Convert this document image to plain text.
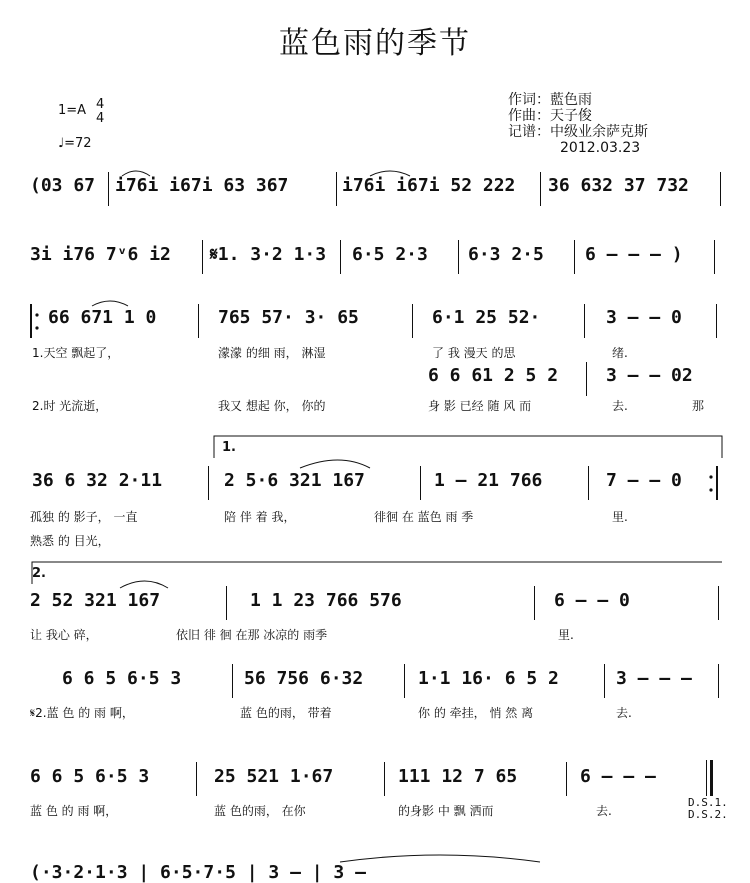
蓝色雨的季节
作词：藍色雨
作曲：天子俊
记谱：中级业余萨克斯
2012.03.23
1=A 4
4
♩=72
(03 67 i76i i67i 63 367	i76i i67i 52 222 36 632 37 732
3i i76 7ᵛ6 i2 𝄋1. 3·2 1·3 6·5 2·3 6·3 2·5 6 — — — )
66 671 1 0	765 57· 3· 65	6·1 25 52·	3 — — 0
1.天空 飘起了，	濛濛 的细 雨， 淋湿	了 我 漫天 的思	绪.
6 6 61 2 5 2	3 — — 02
2.时 光流逝，	我又 想起 你， 你的	身 影 已经 随 风 而	去.	那
1.
36 6 32 2·11	2 5·6 321 167	1 — 21 766	7 — — 0
孤独 的 影子， 一直	陪 伴 着 我，	徘徊 在 蓝色 雨 季	里.
熟悉 的 目光，
2.
2 52 321 167	1 1 23 766 576	6 — — 0
让 我心 碎，	依旧 徘 徊 在那 冰凉的 雨季	里.
6 6 5 6·5 3	56 756 6·32	1·1 16· 6 5 2	3 — — —
𝄋2.蓝 色 的 雨 啊，	蓝 色的雨， 带着	你 的 牵挂， 悄 然 离	去.
6 6 5 6·5 3	25 521 1·67	111 12 7 65	6 — — —
蓝 色 的 雨 啊，	蓝 色的雨， 在你	的身影 中 飘 洒而	去.
D.S.1.
D.S.2.
(·3·2·1·3 | 6·5·7·5 | 3 — | 3 —
